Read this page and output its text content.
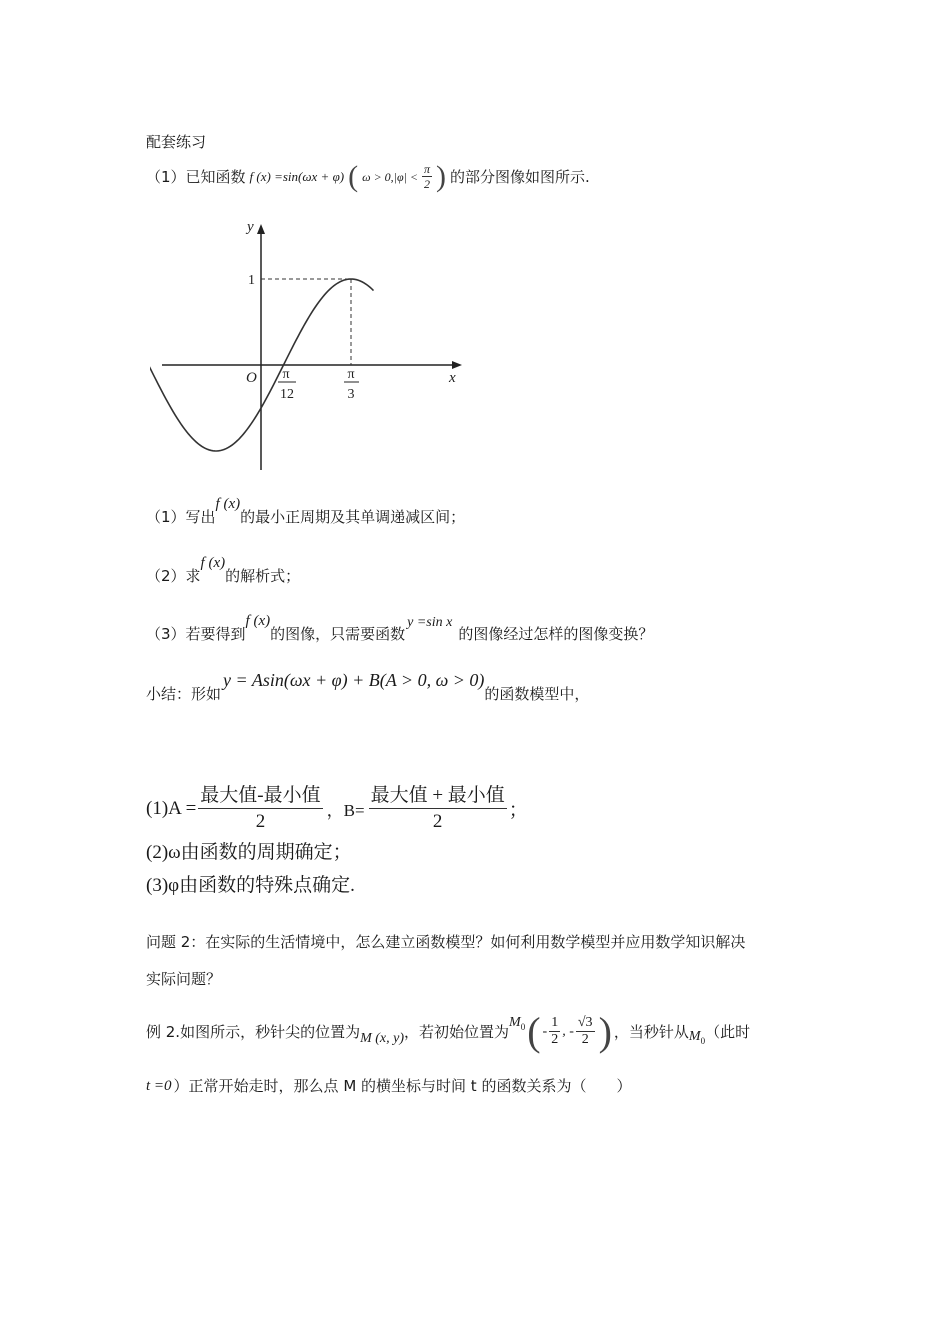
配套练习
（1）已知函数 f (x) =sin(ωx + φ) ( $\omega > 0,|\varphi| < \frac{\pi}{2}$ ) 的部分图像如图所示.
y
x
O
1
π
12
π
3
（1）写出
f (x)
的最小正周期及其单调递减区间；
（2）求
f (x)
的解析式；
（3）若要得到
f (x)
的图像，只需要函数
y =sin x
的图像经过怎样的图像变换？
小结：形如
y = Asin(ωx + φ) + B(A > 0, ω > 0)
的函数模型中，
$(1)A = \frac{\text{最大值-最小值}}{2}$ ，$B= \frac{\text{最大值 + 最小值}}{2}$ ；
(2)ω由函数的周期确定；
(3)φ由函数的特殊点确定.
问题 2：在实际的生活情境中，怎么建立函数模型？如何利用数学模型并应用数学知识解决
实际问题？
例 2.如图所示，秒针尖的位置为 M (x, y) ，若初始位置为
$M_0$ ( - $\frac{1}{2}$ , - $\frac{√3}{2}$ ) ，当秒针从 $M_0$ （此时
t =0 ）正常开始走时，那么点 M 的横坐标与时间 t 的函数关系为（　　）
